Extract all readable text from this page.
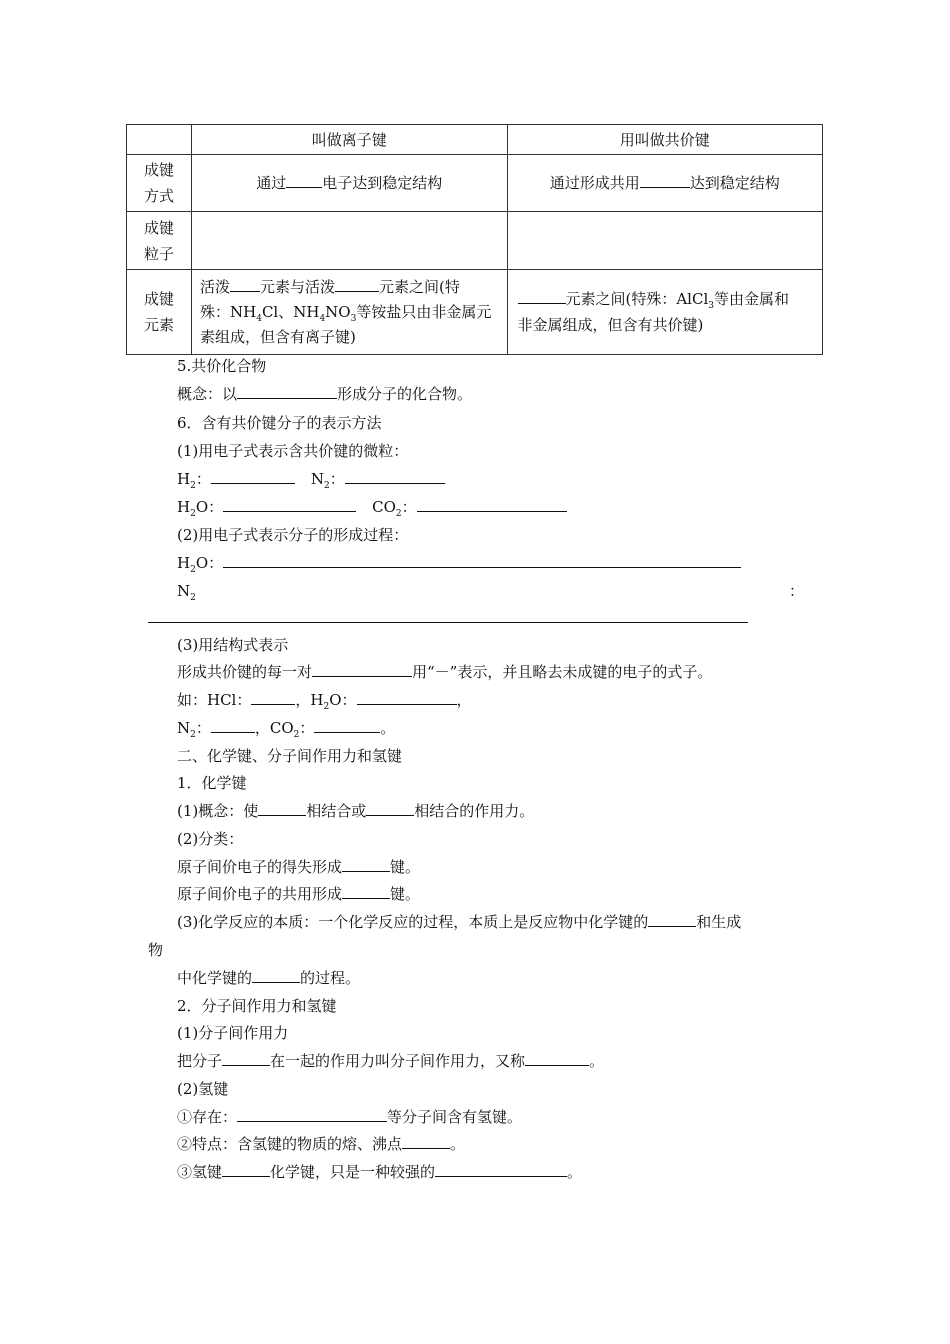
	叫做离子键	用叫做共价键
成键
方式	通过 电子达到稳定结构	通过形成共用 达到稳定结构
成键
粒子		
成键
元素	活泼 元素与活泼 元素之间(特
殊：$NH_4Cl$、$NH_4NO_3$等铵盐只由非金属元
素组成，但含有离子键)	元素之间(特殊：AlCl$_3$等由金属和
非金属组成，但含有共价键)
5.共价化合物
概念：以	形成分子的化合物。
6．含有共价键分子的表示方法
(1)用电子式表示含共价键的微粒：
$H_2$：	$N_2$：
$H_2O$：	$CO_2$：
(2)用电子式表示分子的形成过程：
$H_2O$：
$N_2$	：
(3)用结构式表示
形成共价键的每一对	用“－”表示，并且略去未成键的电子的式子。
如：HCl：	，$H_2O$：	，
$N_2$：	，$CO_2$：	。
二、化学键、分子间作用力和氢键
1．化学键
(1)概念：使	相结合或	相结合的作用力。
(2)分类：
原子间价电子的得失形成	键。
原子间价电子的共用形成	键。
(3)化学反应的本质：一个化学反应的过程，本质上是反应物中化学键的	和生成
物
中化学键的	的过程。
2．分子间作用力和氢键
(1)分子间作用力
把分子	在一起的作用力叫分子间作用力，又称	。
(2)氢键
①存在：	等分子间含有氢键。
②特点：含氢键的物质的熔、沸点	。
③氢键	化学键，只是一种较强的	。
